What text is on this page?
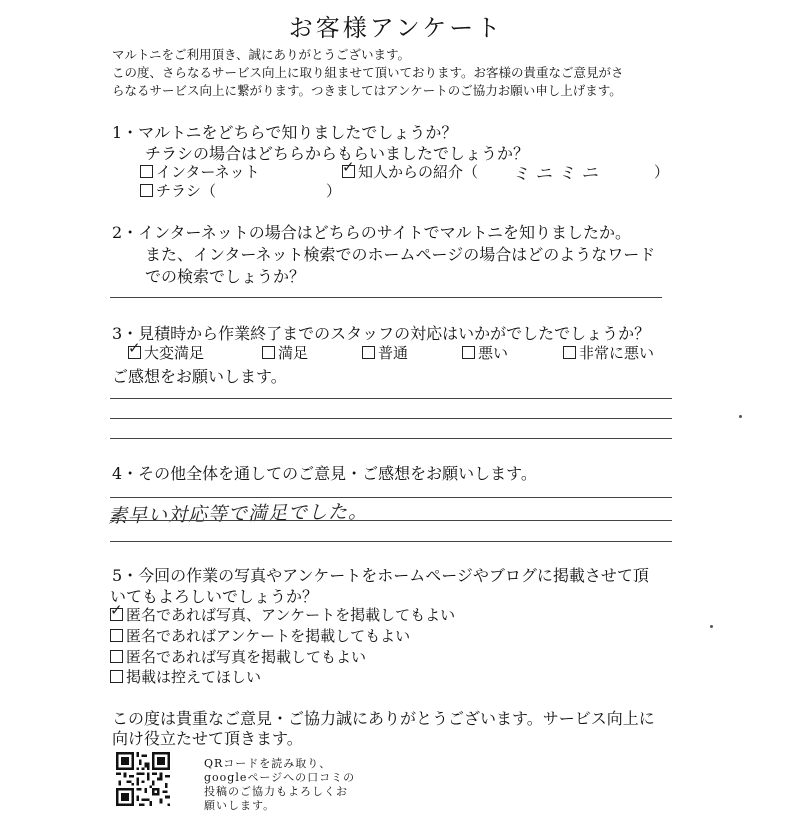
お客様アンケート
マルトニをご利用頂き、誠にありがとうございます。
この度、さらなるサービス向上に取り組ませて頂いております。お客様の貴重なご意見がさ
らなるサービス向上に繋がります。つきましてはアンケートのご協力お願い申し上げます。
1・マルトニをどちらで知りましたでしょうか？
チラシの場合はどちらからもらいましたでしょうか？
インターネット
✓	知人からの紹介（ ミニミニ	）
チラシ（	）
2・インターネットの場合はどちらのサイトでマルトニを知りましたか。
また、インターネット検索でのホームページの場合はどのようなワード
での検索でしょうか？
3・見積時から作業終了までのスタッフの対応はいかがでしたでしょうか？
✓大変満足	満足	普通	悪い	非常に悪い
ご感想をお願いします。
4・その他全体を通してのご意見・ご感想をお願いします。
素早い対応等で満足でした。
5・今回の作業の写真やアンケートをホームページやブログに掲載させて頂
いてもよろしいでしょうか？
✓匿名であれば写真、アンケートを掲載してもよい
匿名であればアンケートを掲載してもよい
匿名であれば写真を掲載してもよい
掲載は控えてほしい
この度は貴重なご意見・ご協力誠にありがとうございます。サービス向上に
向け役立たせて頂きます。
QRコードを読み取り、
googleページへの口コミの
投稿のご協力もよろしくお
願いします。
